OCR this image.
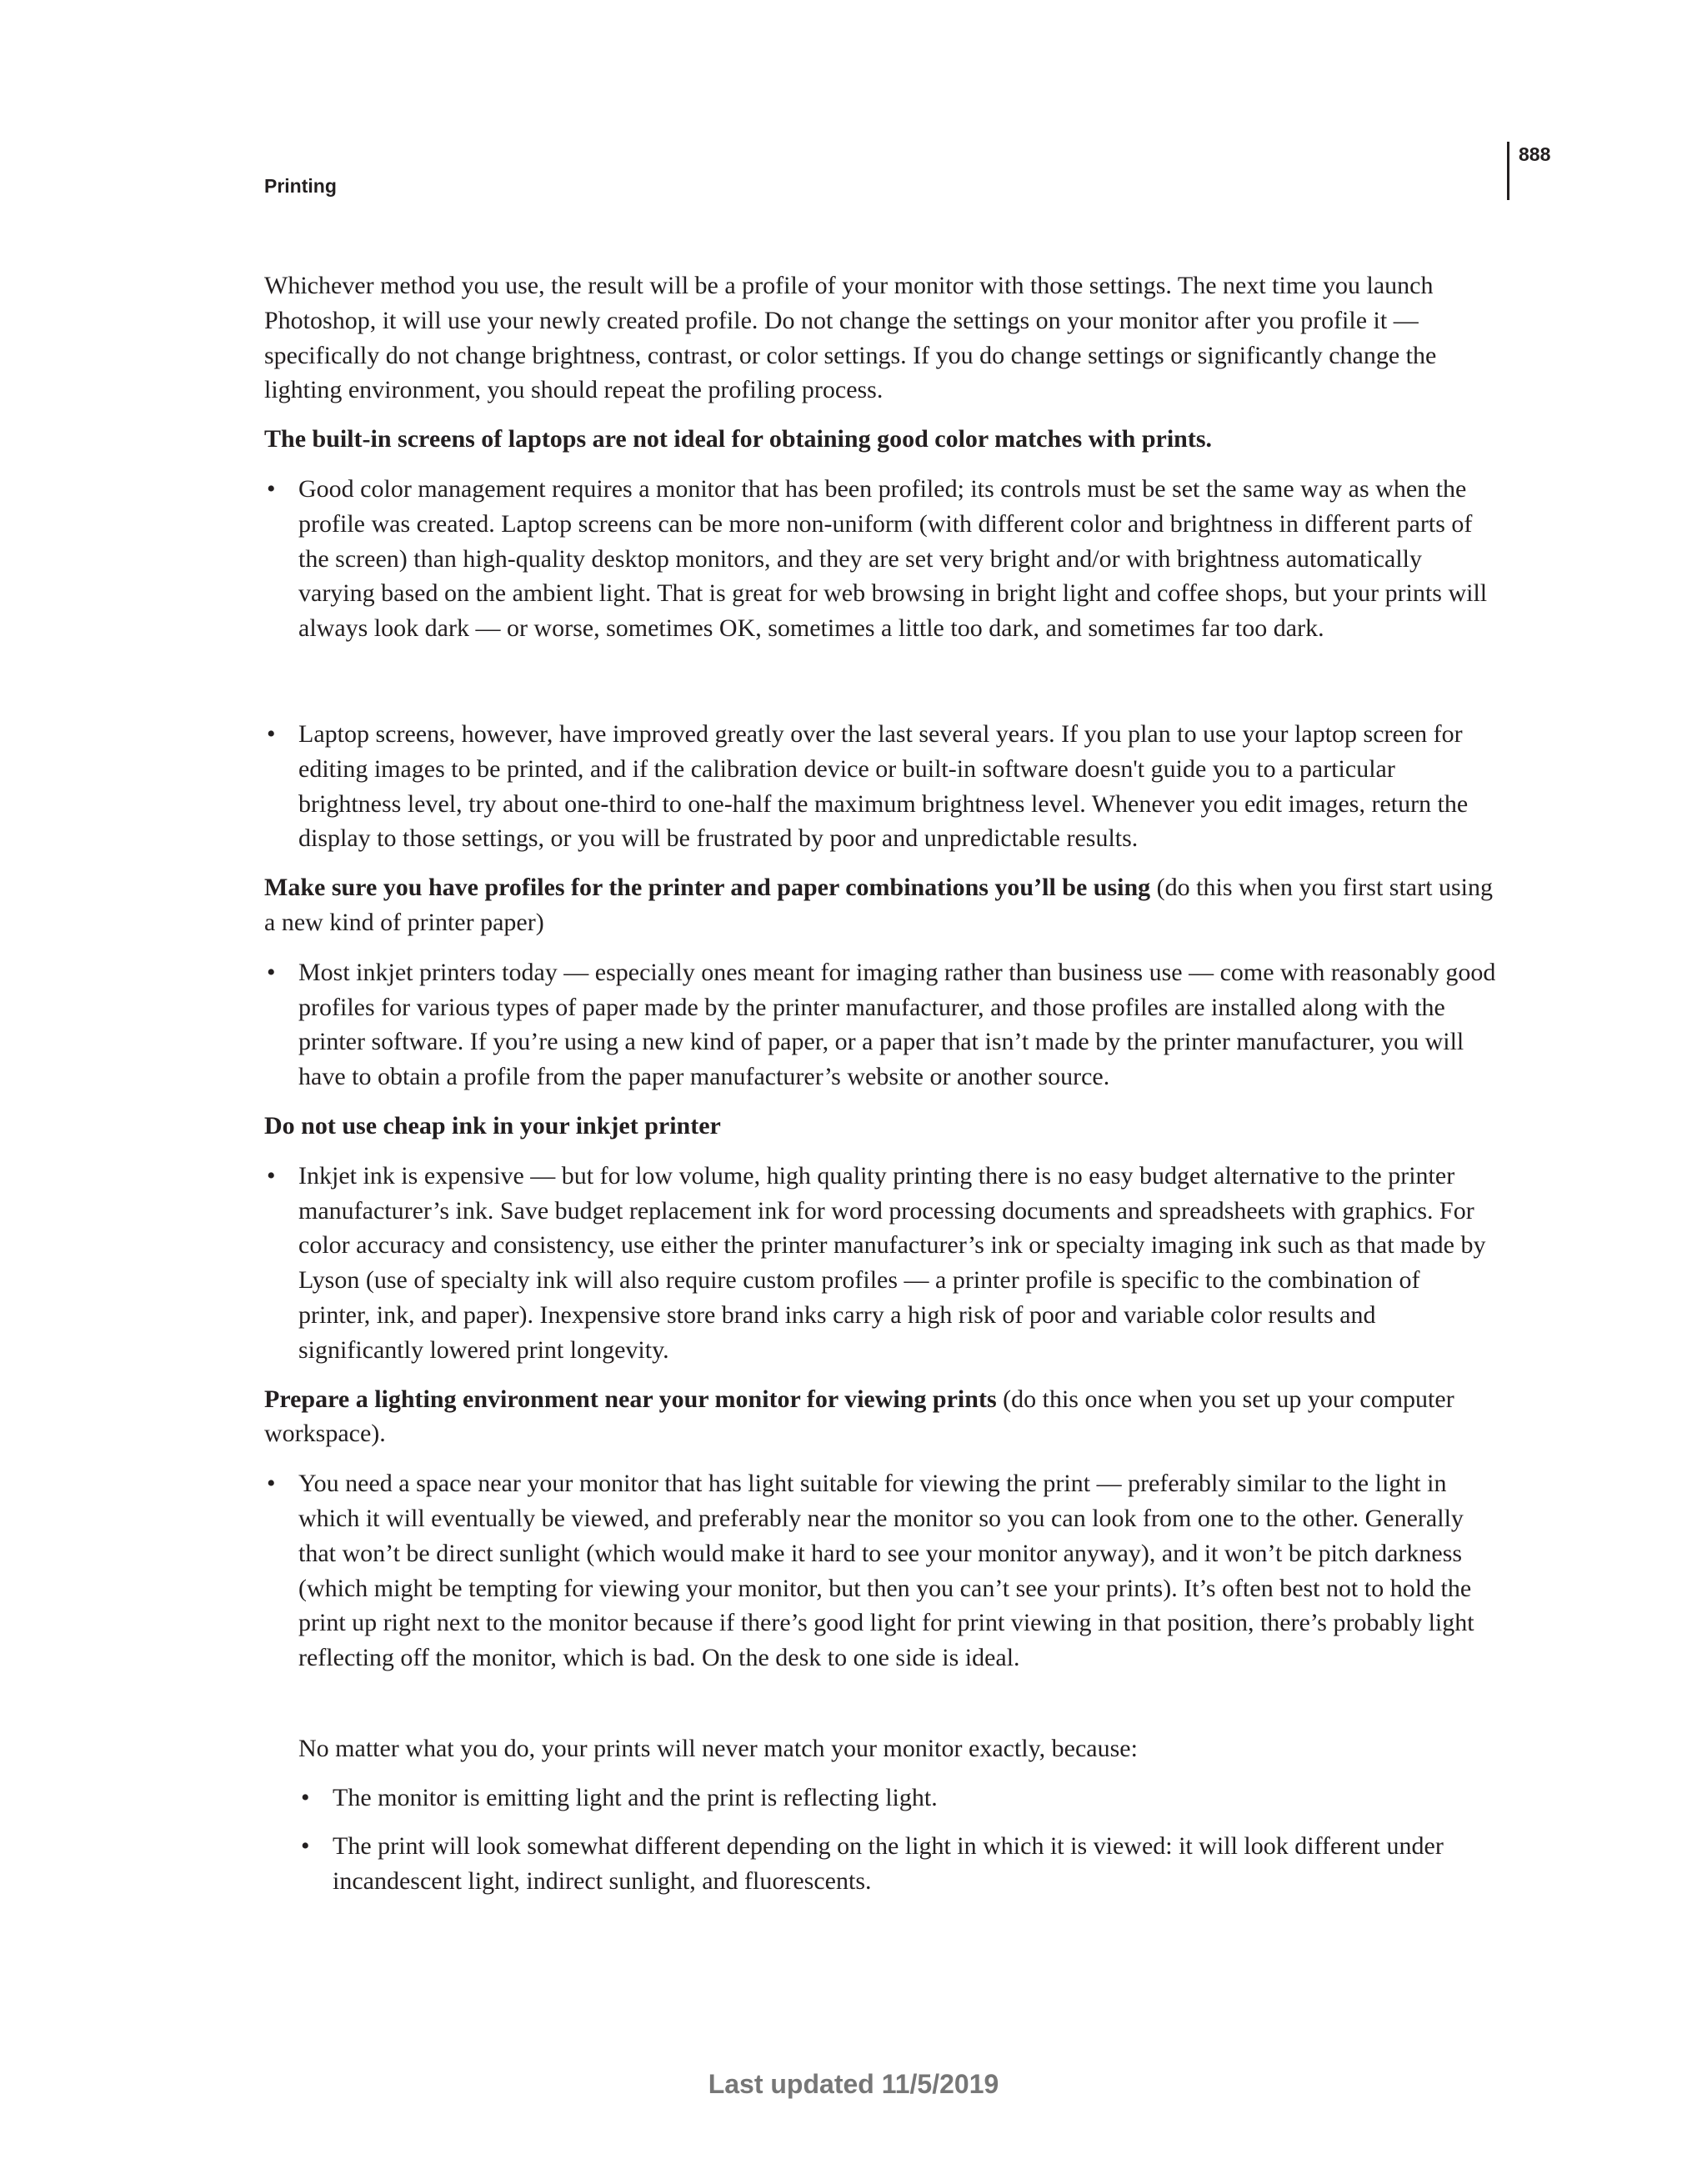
888
Printing

Whichever method you use, the result will be a profile of your monitor with those settings. The next time you launch Photoshop, it will use your newly created profile. Do not change the settings on your monitor after you profile it — specifically do not change brightness, contrast, or color settings. If you do change settings or significantly change the lighting environment, you should repeat the profiling process.

The built-in screens of laptops are not ideal for obtaining good color matches with prints.

• Good color management requires a monitor that has been profiled; its controls must be set the same way as when the profile was created. Laptop screens can be more non-uniform (with different color and brightness in different parts of the screen) than high-quality desktop monitors, and they are set very bright and/or with brightness automatically varying based on the ambient light. That is great for web browsing in bright light and coffee shops, but your prints will always look dark — or worse, sometimes OK, sometimes a little too dark, and sometimes far too dark.
• Laptop screens, however, have improved greatly over the last several years. If you plan to use your laptop screen for editing images to be printed, and if the calibration device or built-in software doesn't guide you to a particular brightness level, try about one-third to one-half the maximum brightness level. Whenever you edit images, return the display to those settings, or you will be frustrated by poor and unpredictable results.

Make sure you have profiles for the printer and paper combinations you’ll be using (do this when you first start using a new kind of printer paper)

• Most inkjet printers today — especially ones meant for imaging rather than business use — come with reasonably good profiles for various types of paper made by the printer manufacturer, and those profiles are installed along with the printer software. If you’re using a new kind of paper, or a paper that isn’t made by the printer manufacturer, you will have to obtain a profile from the paper manufacturer’s website or another source.

Do not use cheap ink in your inkjet printer

• Inkjet ink is expensive — but for low volume, high quality printing there is no easy budget alternative to the printer manufacturer’s ink. Save budget replacement ink for word processing documents and spreadsheets with graphics. For color accuracy and consistency, use either the printer manufacturer’s ink or specialty imaging ink such as that made by Lyson (use of specialty ink will also require custom profiles — a printer profile is specific to the combination of printer, ink, and paper). Inexpensive store brand inks carry a high risk of poor and variable color results and significantly lowered print longevity.

Prepare a lighting environment near your monitor for viewing prints (do this once when you set up your computer workspace).

• You need a space near your monitor that has light suitable for viewing the print — preferably similar to the light in which it will eventually be viewed, and preferably near the monitor so you can look from one to the other. Generally that won’t be direct sunlight (which would make it hard to see your monitor anyway), and it won’t be pitch darkness (which might be tempting for viewing your monitor, but then you can’t see your prints). It’s often best not to hold the print up right next to the monitor because if there’s good light for print viewing in that position, there’s probably light reflecting off the monitor, which is bad. On the desk to one side is ideal.

No matter what you do, your prints will never match your monitor exactly, because:

• The monitor is emitting light and the print is reflecting light.
• The print will look somewhat different depending on the light in which it is viewed: it will look different under incandescent light, indirect sunlight, and fluorescents.
Last updated 11/5/2019
